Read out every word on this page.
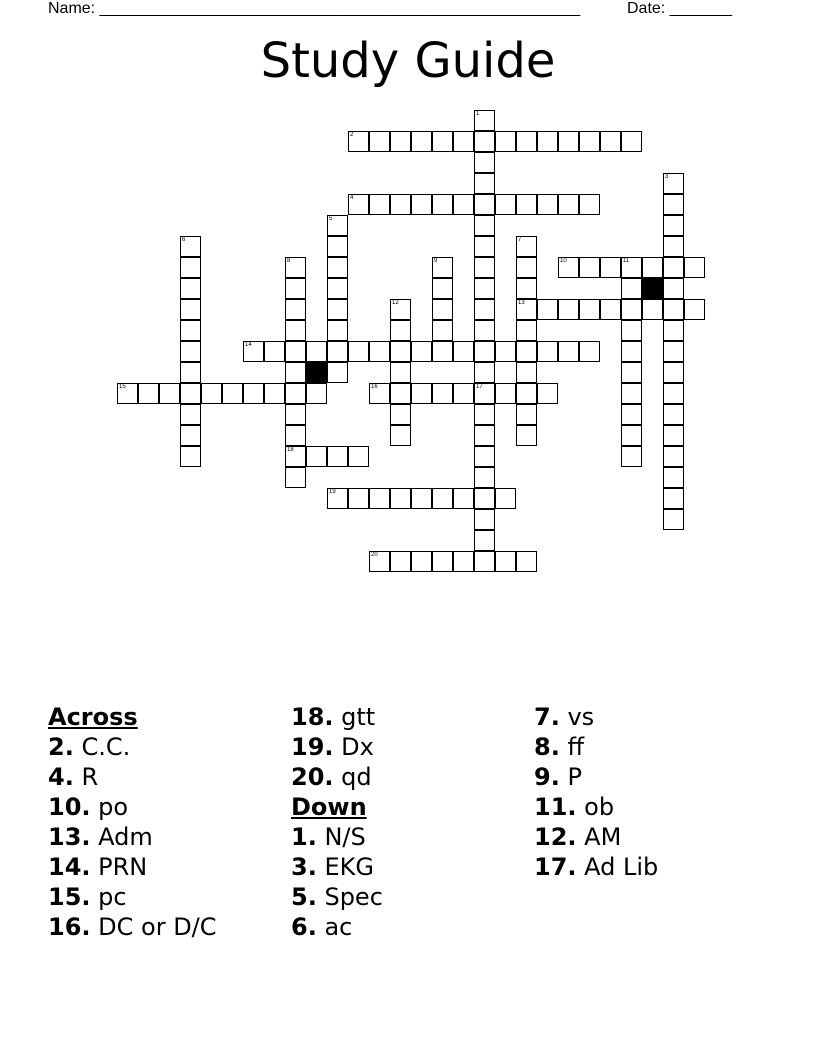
Name: ______________________________________________________	Date: _______
Study Guide
2
4
10	11
13
14
15	16	17
18
19
20
1
3
5
6	7
8	9
12
Across
2. C.C.
4. R
10. po
13. Adm
14. PRN
15. pc
16. DC or D/C
18. gtt
19. Dx
20. qd
Down
1. N/S
3. EKG
5. Spec
6. ac
7. vs
8. ff
9. P
11. ob
12. AM
17. Ad Lib
